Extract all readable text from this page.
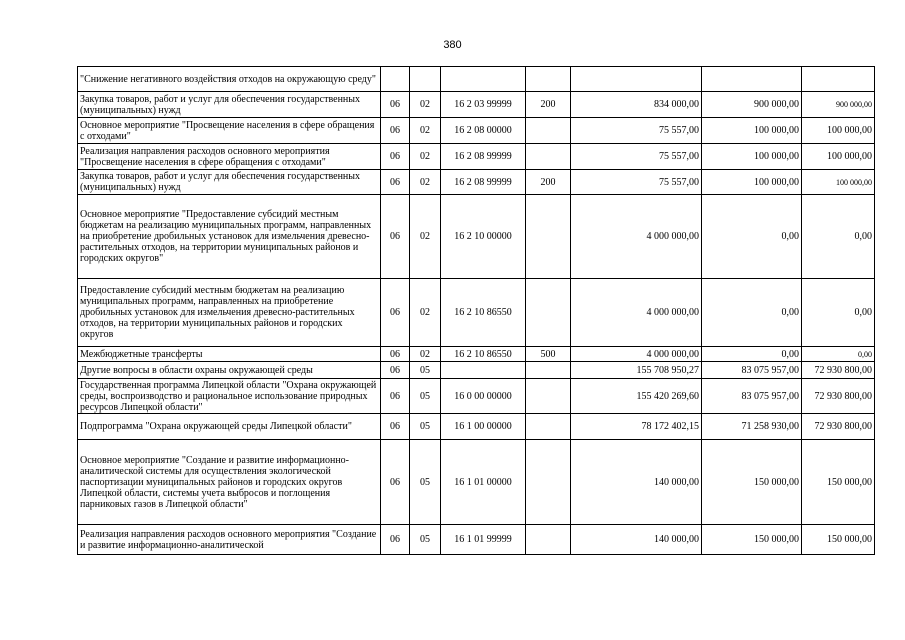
380
"Снижение негативного воздействия отходов на окружающую среду"							
Закупка товаров, работ и услуг для обеспечения государственных (муниципальных) нужд	06	02	16 2 03 99999	200	834 000,00	900 000,00	900 000,00
Основное мероприятие "Просвещение населения в сфере обращения с отходами"	06	02	16 2 08 00000		75 557,00	100 000,00	100 000,00
Реализация направления расходов основного мероприятия "Просвещение населения в сфере обращения с отходами"	06	02	16 2 08 99999		75 557,00	100 000,00	100 000,00
Закупка товаров, работ и услуг для обеспечения государственных (муниципальных) нужд	06	02	16 2 08 99999	200	75 557,00	100 000,00	100 000,00
Основное мероприятие "Предоставление субсидий местным бюджетам на реализацию муниципальных программ, направленных на приобретение дробильных установок для измельчения древесно-растительных отходов, на территории муниципальных районов и городских округов"	06	02	16 2 10 00000		4 000 000,00	0,00	0,00
Предоставление субсидий местным бюджетам на реализацию муниципальных программ, направленных на приобретение дробильных установок для измельчения древесно-растительных отходов, на территории муниципальных районов и городских округов	06	02	16 2 10 86550		4 000 000,00	0,00	0,00
Межбюджетные трансферты	06	02	16 2 10 86550	500	4 000 000,00	0,00	0,00
Другие вопросы в области охраны окружающей среды	06	05			155 708 950,27	83 075 957,00	72 930 800,00
Государственная программа Липецкой области "Охрана окружающей среды, воспроизводство и рациональное использование природных ресурсов Липецкой области"	06	05	16 0 00 00000		155 420 269,60	83 075 957,00	72 930 800,00
Подпрограмма "Охрана окружающей среды Липецкой области"	06	05	16 1 00 00000		78 172 402,15	71 258 930,00	72 930 800,00
Основное мероприятие "Создание и развитие информационно-аналитической системы для осуществления экологической паспортизации муниципальных районов и городских округов Липецкой области, системы учета выбросов и поглощения парниковых газов в Липецкой области"	06	05	16 1 01 00000		140 000,00	150 000,00	150 000,00
Реализация направления расходов основного мероприятия "Создание и развитие информационно-аналитической	06	05	16 1 01 99999		140 000,00	150 000,00	150 000,00
